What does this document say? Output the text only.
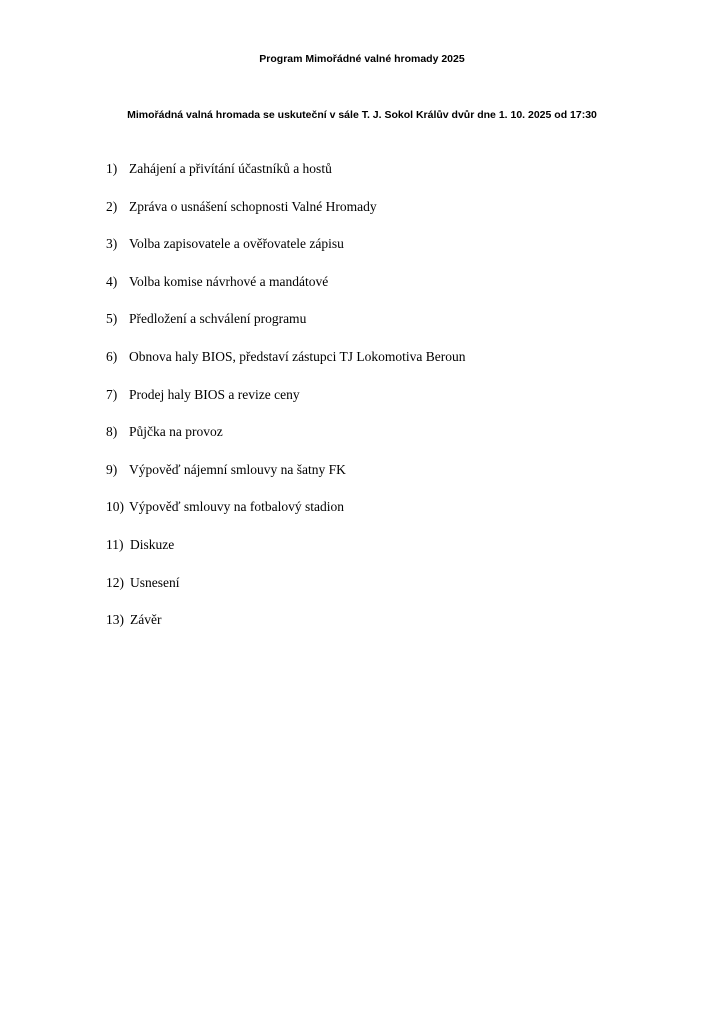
Program Mimořádné valné hromady 2025
Mimořádná valná hromada se uskuteční v sále T. J. Sokol Králův dvůr dne 1. 10. 2025 od 17:30
1) Zahájení a přivítání účastníků a hostů
2) Zpráva o usnášení schopnosti Valné Hromady
3) Volba zapisovatele a ověřovatele zápisu
4) Volba komise návrhové a mandátové
5) Předložení a schválení programu
6) Obnova haly BIOS, představí zástupci TJ Lokomotiva Beroun
7) Prodej haly BIOS a revize ceny
8) Půjčka na provoz
9) Výpověď nájemní smlouvy na šatny FK
10) Výpověď smlouvy na fotbalový stadion
11) Diskuze
12) Usnesení
13) Závěr
